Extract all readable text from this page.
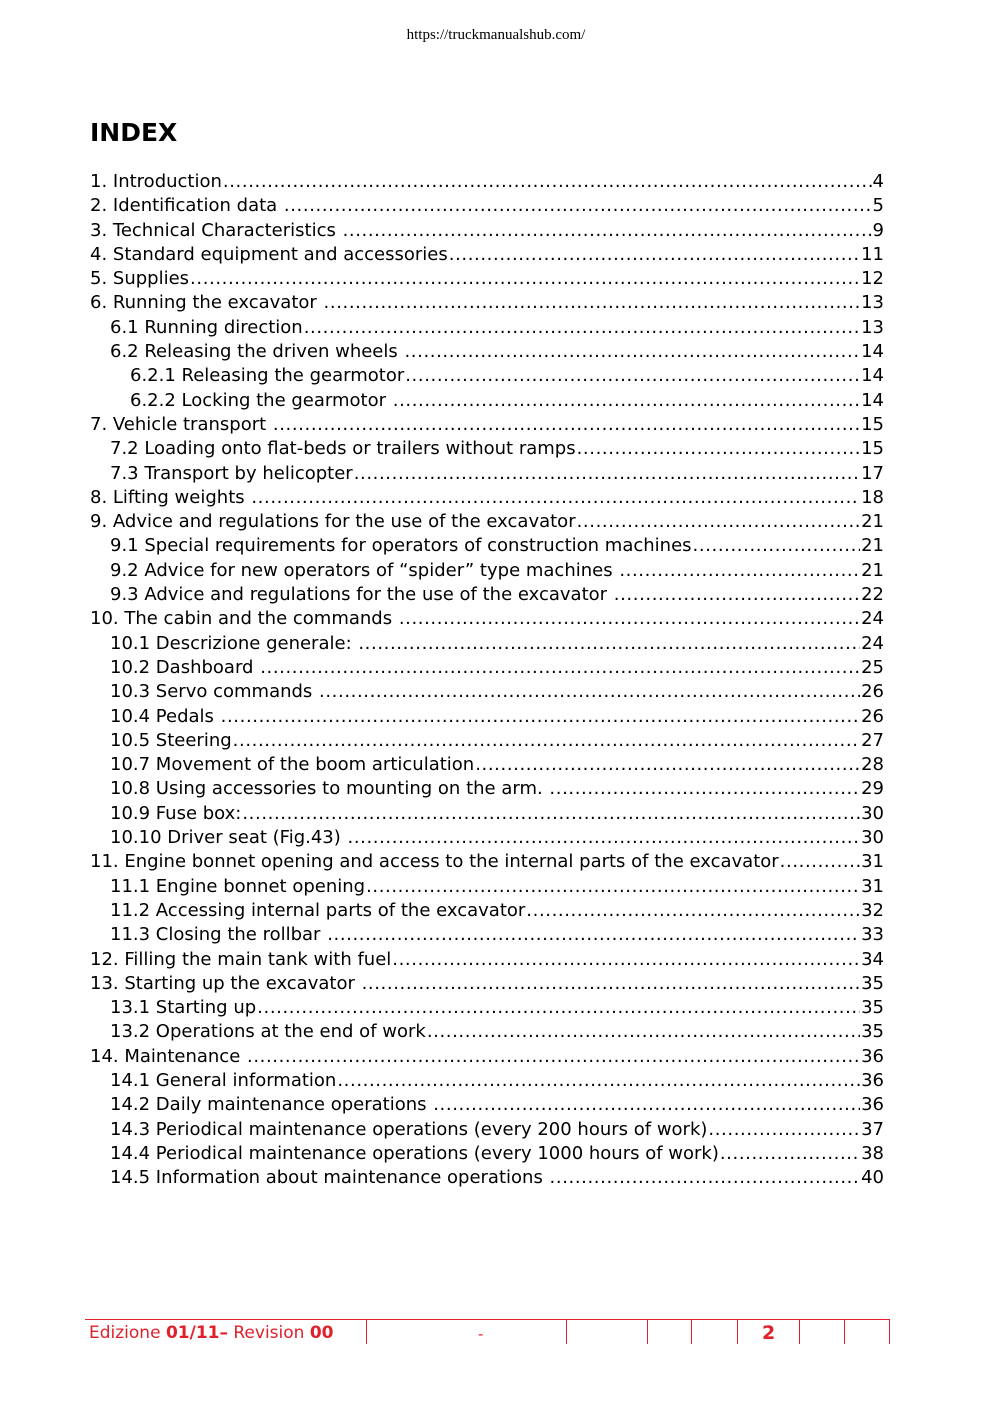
https://truckmanualshub.com/
INDEX
1. Introduction .....	4
2. Identification data .....	5
3. Technical Characteristics .....	9
4. Standard equipment and accessories .....	11
5. Supplies .....	12
6. Running the excavator .....	13
6.1 Running direction .....	13
6.2 Releasing the driven wheels .....	14
6.2.1 Releasing the gearmotor .....	14
6.2.2 Locking the gearmotor .....	14
7. Vehicle transport .....	15
7.2 Loading onto flat-beds or trailers without ramps .....	15
7.3 Transport by helicopter .....	17
8. Lifting weights .....	18
9. Advice and regulations for the use of the excavator .....	21
9.1 Special requirements for operators of construction machines .....	21
9.2 Advice for new operators of “spider” type machines .....	21
9.3 Advice and regulations for the use of the excavator .....	22
10. The cabin and the commands .....	24
10.1 Descrizione generale: .....	24
10.2 Dashboard .....	25
10.3 Servo commands .....	26
10.4 Pedals .....	26
10.5 Steering .....	27
10.7 Movement of the boom articulation .....	28
10.8 Using accessories to mounting on the arm. .....	29
10.9 Fuse box: .....	30
10.10 Driver seat (Fig.43) .....	30
11. Engine bonnet opening and access to the internal parts of the excavator .....	31
11.1 Engine bonnet opening .....	31
11.2 Accessing internal parts of the excavator .....	32
11.3 Closing the rollbar .....	33
12. Filling the main tank with fuel .....	34
13. Starting up the excavator .....	35
13.1 Starting up .....	35
13.2 Operations at the end of work .....	35
14. Maintenance .....	36
14.1 General information .....	36
14.2 Daily maintenance operations .....	36
14.3 Periodical maintenance operations (every 200 hours of work) .....	37
14.4 Periodical maintenance operations (every 1000 hours of work) .....	38
14.5 Information about maintenance operations .....	40
Edizione 01/11– Revision 00	-	2
